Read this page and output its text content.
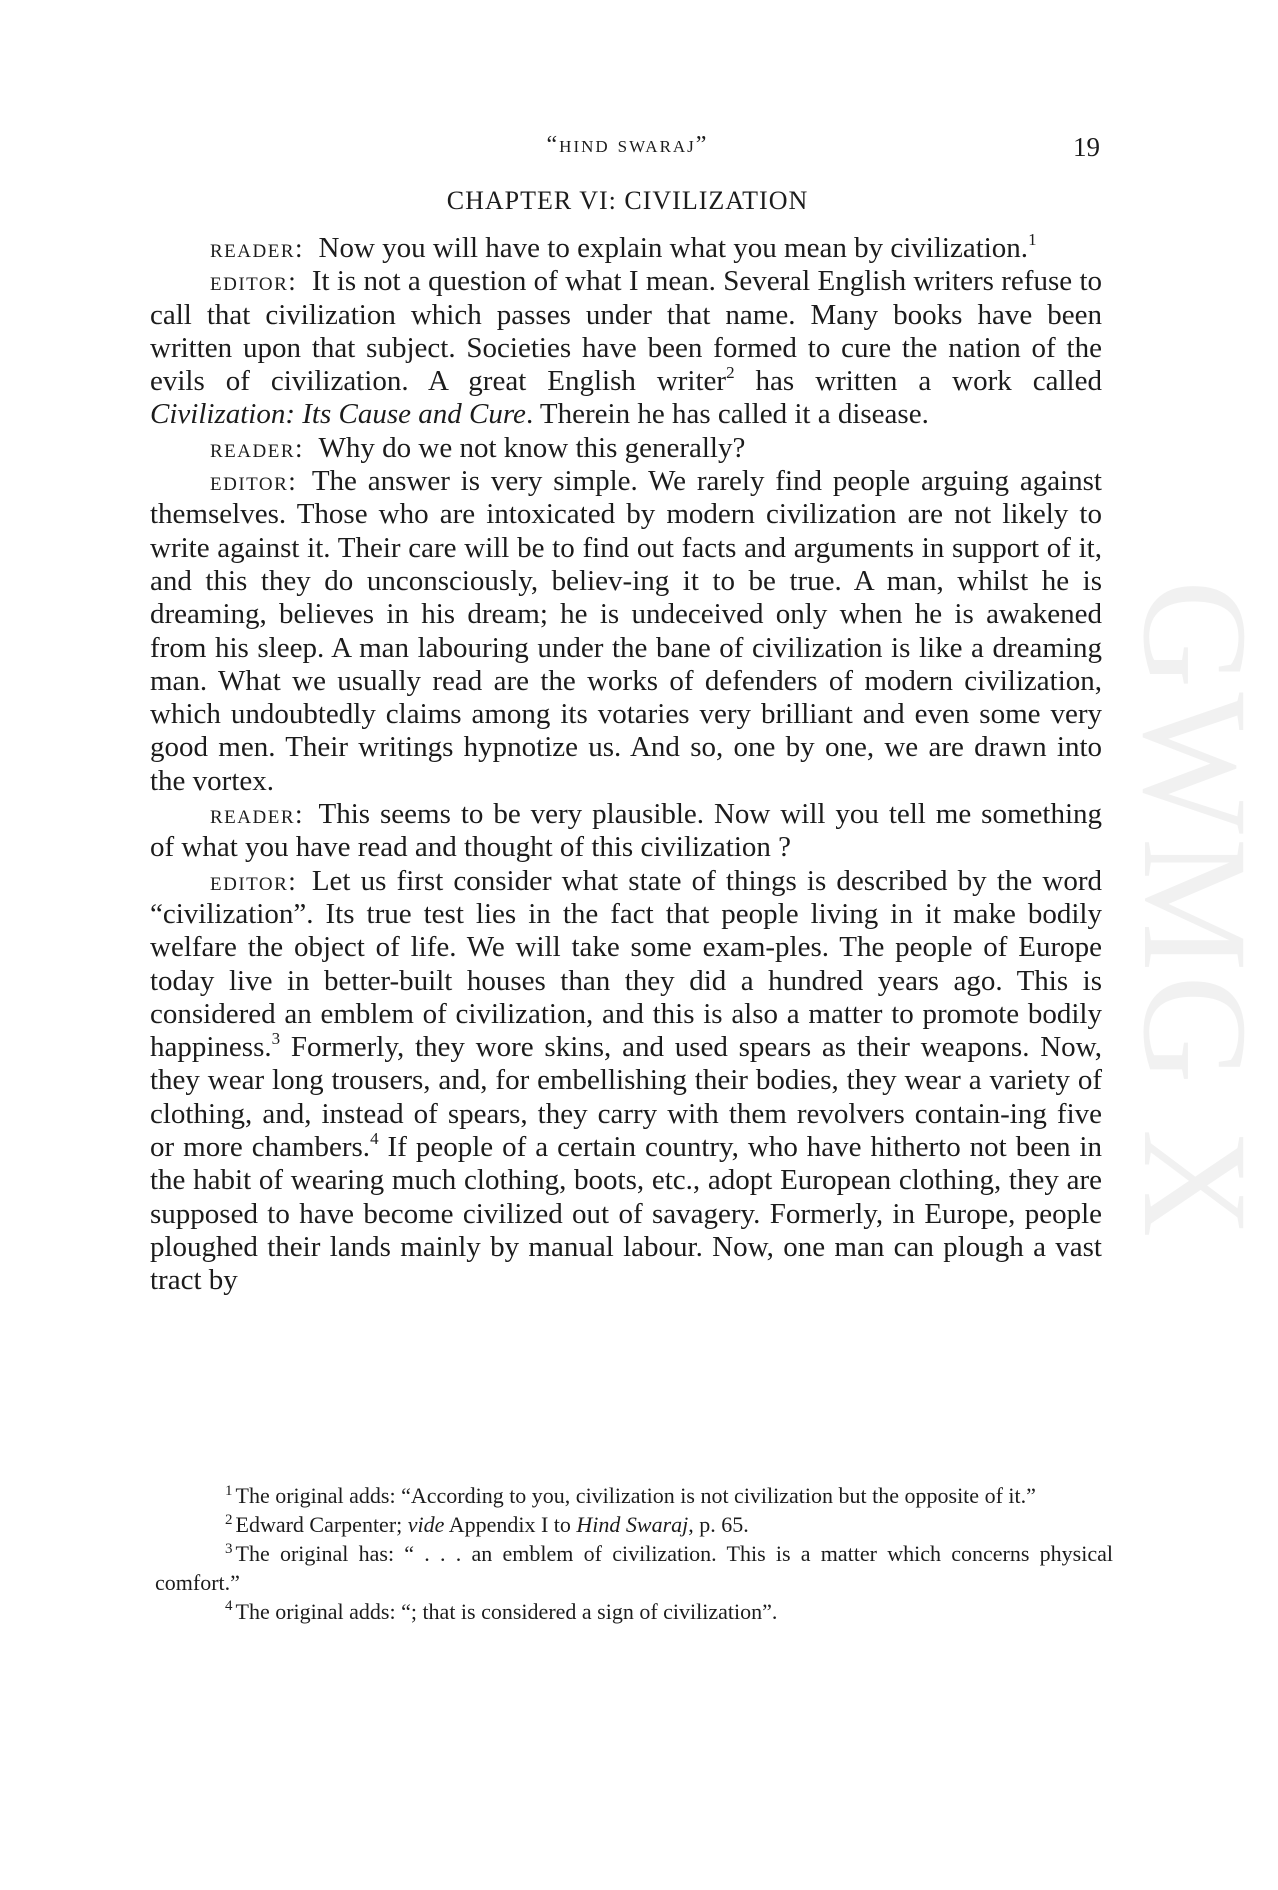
GWMG X
“hind swaraj”	19
CHAPTER VI: CIVILIZATION

reader:  Now you will have to explain what you mean by civilization.$^1$

editor:  It is not a question of what I mean. Several English writers refuse to call that civilization which passes under that name. Many books have been written upon that subject. Societies have been formed to cure the nation of the evils of civilization. A great English writer$^2$ has written a work called Civilization: Its Cause and Cure. Therein he has called it a disease.

reader:  Why do we not know this generally?

editor:  The answer is very simple. We rarely find people arguing against themselves. Those who are intoxicated by modern civilization are not likely to write against it. Their care will be to find out facts and arguments in support of it, and this they do unconsciously, believ-ing it to be true. A man, whilst he is dreaming, believes in his dream; he is undeceived only when he is awakened from his sleep. A man labouring under the bane of civilization is like a dreaming man. What we usually read are the works of defenders of modern civilization, which undoubtedly claims among its votaries very brilliant and even some very good men. Their writings hypnotize us. And so, one by one, we are drawn into the vortex.

reader:  This seems to be very plausible. Now will you tell me something of what you have read and thought of this civilization ?

editor:  Let us first consider what state of things is described by the word “civilization”. Its true test lies in the fact that people living in it make bodily welfare the object of life. We will take some exam-ples. The people of Europe today live in better-built houses than they did a hundred years ago. This is considered an emblem of civilization, and this is also a matter to promote bodily happiness.$^3$ Formerly, they wore skins, and used spears as their weapons. Now, they wear long trousers, and, for embellishing their bodies, they wear a variety of clothing, and, instead of spears, they carry with them revolvers contain-ing five or more chambers.$^4$ If people of a certain country, who have hitherto not been in the habit of wearing much clothing, boots, etc., adopt European clothing, they are supposed to have become civilized out of savagery. Formerly, in Europe, people ploughed their lands mainly by manual labour. Now, one man can plough a vast tract by

$^1$ The original adds: “According to you, civilization is not civilization but the opposite of it.”

$^2$ Edward Carpenter; vide Appendix I to Hind Swaraj, p. 65.

$^3$ The original has: “ . . . an emblem of civilization. This is a matter which concerns physical comfort.”

$^4$ The original adds: “; that is considered a sign of civilization”.
